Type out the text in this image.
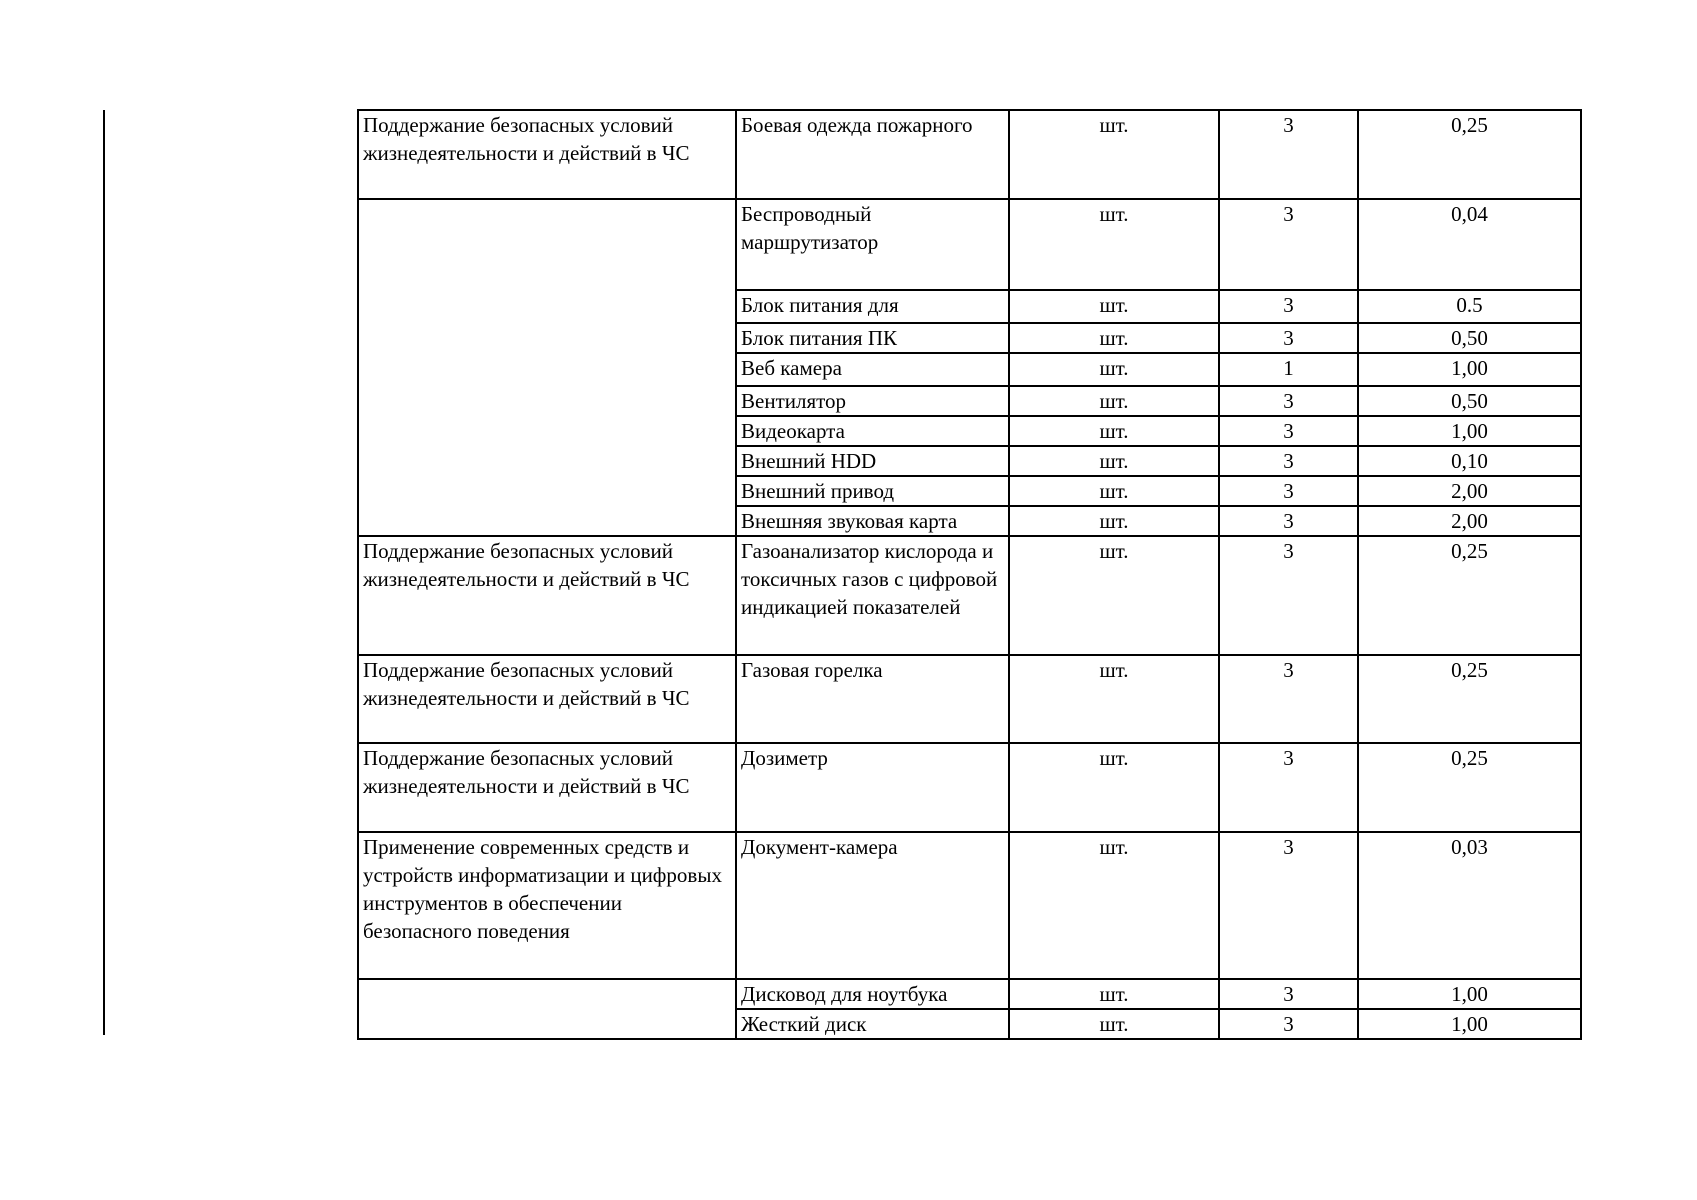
Поддержание безопасных условий жизнедеятельности и действий в ЧС	Боевая одежда пожарного	шт.	3	0,25
	Беспроводный маршрутизатор	шт.	3	0,04
	Блок питания для	шт.	3	0.5
	Блок питания ПК	шт.	3	0,50
	Веб камера	шт.	1	1,00
	Вентилятор	шт.	3	0,50
	Видеокарта	шт.	3	1,00
	Внешний HDD	шт.	3	0,10
	Внешний привод	шт.	3	2,00
	Внешняя звуковая карта	шт.	3	2,00
Поддержание безопасных условий жизнедеятельности и действий в ЧС	Газоанализатор кислорода и токсичных газов с цифровой индикацией показателей	шт.	3	0,25
Поддержание безопасных условий жизнедеятельности и действий в ЧС	Газовая горелка	шт.	3	0,25
Поддержание безопасных условий жизнедеятельности и действий в ЧС	Дозиметр	шт.	3	0,25
Применение современных средств и устройств информатизации и цифровых инструментов в обеспечении безопасного поведения	Документ-камера	шт.	3	0,03
	Дисковод для ноутбука	шт.	3	1,00
	Жесткий диск	шт.	3	1,00
